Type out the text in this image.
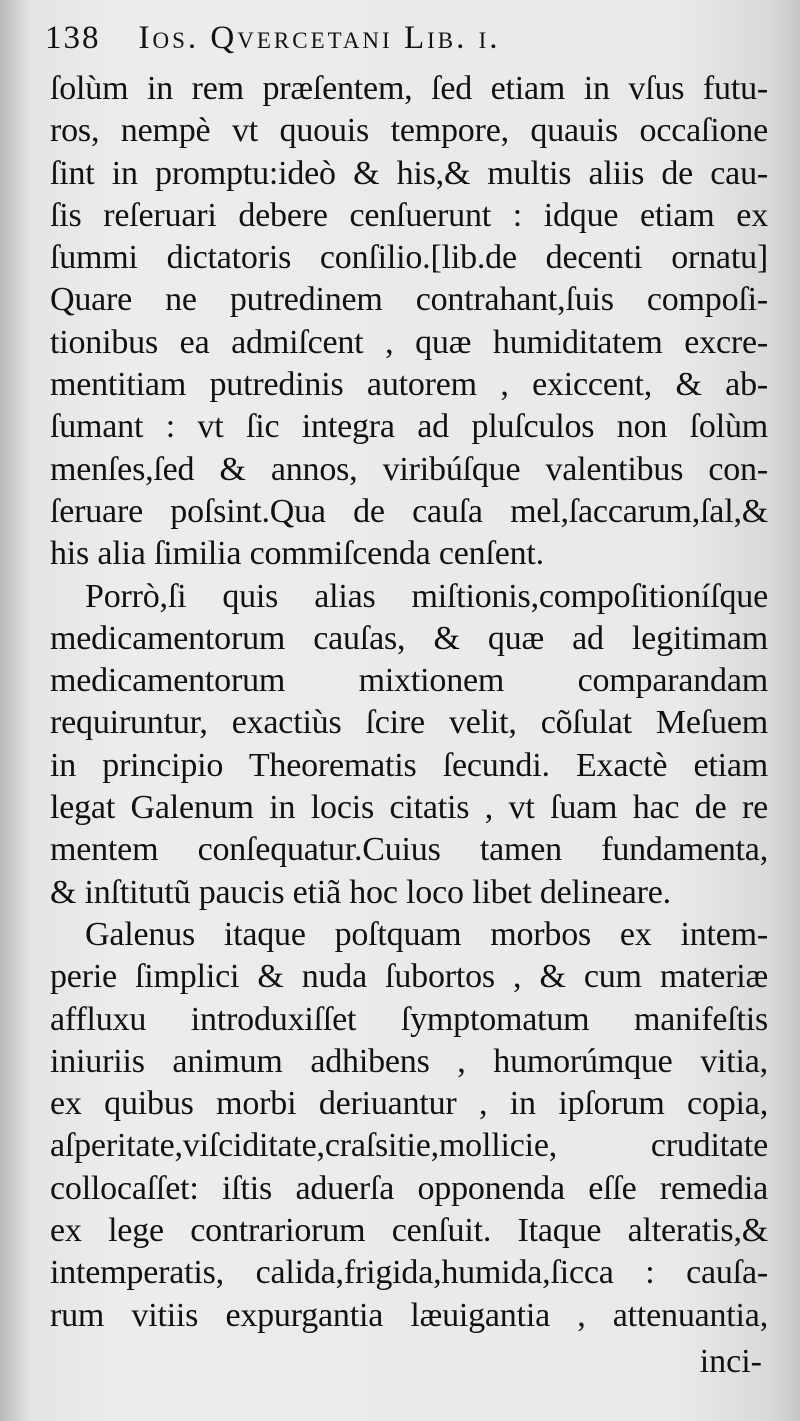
138 Ios. Qvercetani Lib. i.
ſolùm in rem præſentem, ſed etiam in vſus futu-
ros, nempè vt quouis tempore, quauis occaſione
ſint in promptu:ideò & his,& multis aliis de cau-
ſis reſeruari debere cenſuerunt : idque etiam ex
ſummi dictatoris conſilio.[lib.de decenti ornatu]
Quare ne putredinem contrahant,ſuis compoſi-
tionibus ea admiſcent , quæ humiditatem excre-
mentitiam putredinis autorem , exiccent, & ab-
ſumant : vt ſic integra ad pluſculos non ſolùm
menſes,ſed & annos, viribúſque valentibus con-
ſeruare poſsint.Qua de cauſa mel,ſaccarum,ſal,&
his alia ſimilia commiſcenda cenſent.
Porrò,ſi quis alias miſtionis,compoſitioníſque
medicamentorum cauſas, & quæ ad legitimam
medicamentorum mixtionem comparandam
requiruntur, exactiùs ſcire velit, cõſulat Meſuem
in principio Theorematis ſecundi. Exactè etiam
legat Galenum in locis citatis , vt ſuam hac de re
mentem conſequatur.Cuius tamen fundamenta,
& inſtitutũ paucis etiã hoc loco libet delineare.
Galenus itaque poſtquam morbos ex intem-
perie ſimplici & nuda ſubortos , & cum materiæ
affluxu introduxiſſet ſymptomatum manifeſtis
iniuriis animum adhibens , humorúmque vitia,
ex quibus morbi deriuantur , in ipſorum copia,
aſperitate,viſciditate,craſsitie,mollicie, cruditate
collocaſſet: iſtis aduerſa opponenda eſſe remedia
ex lege contrariorum cenſuit. Itaque alteratis,&
intemperatis, calida,frigida,humida,ſicca : cauſa-
rum vitiis expurgantia læuigantia , attenuantia,
inci-
